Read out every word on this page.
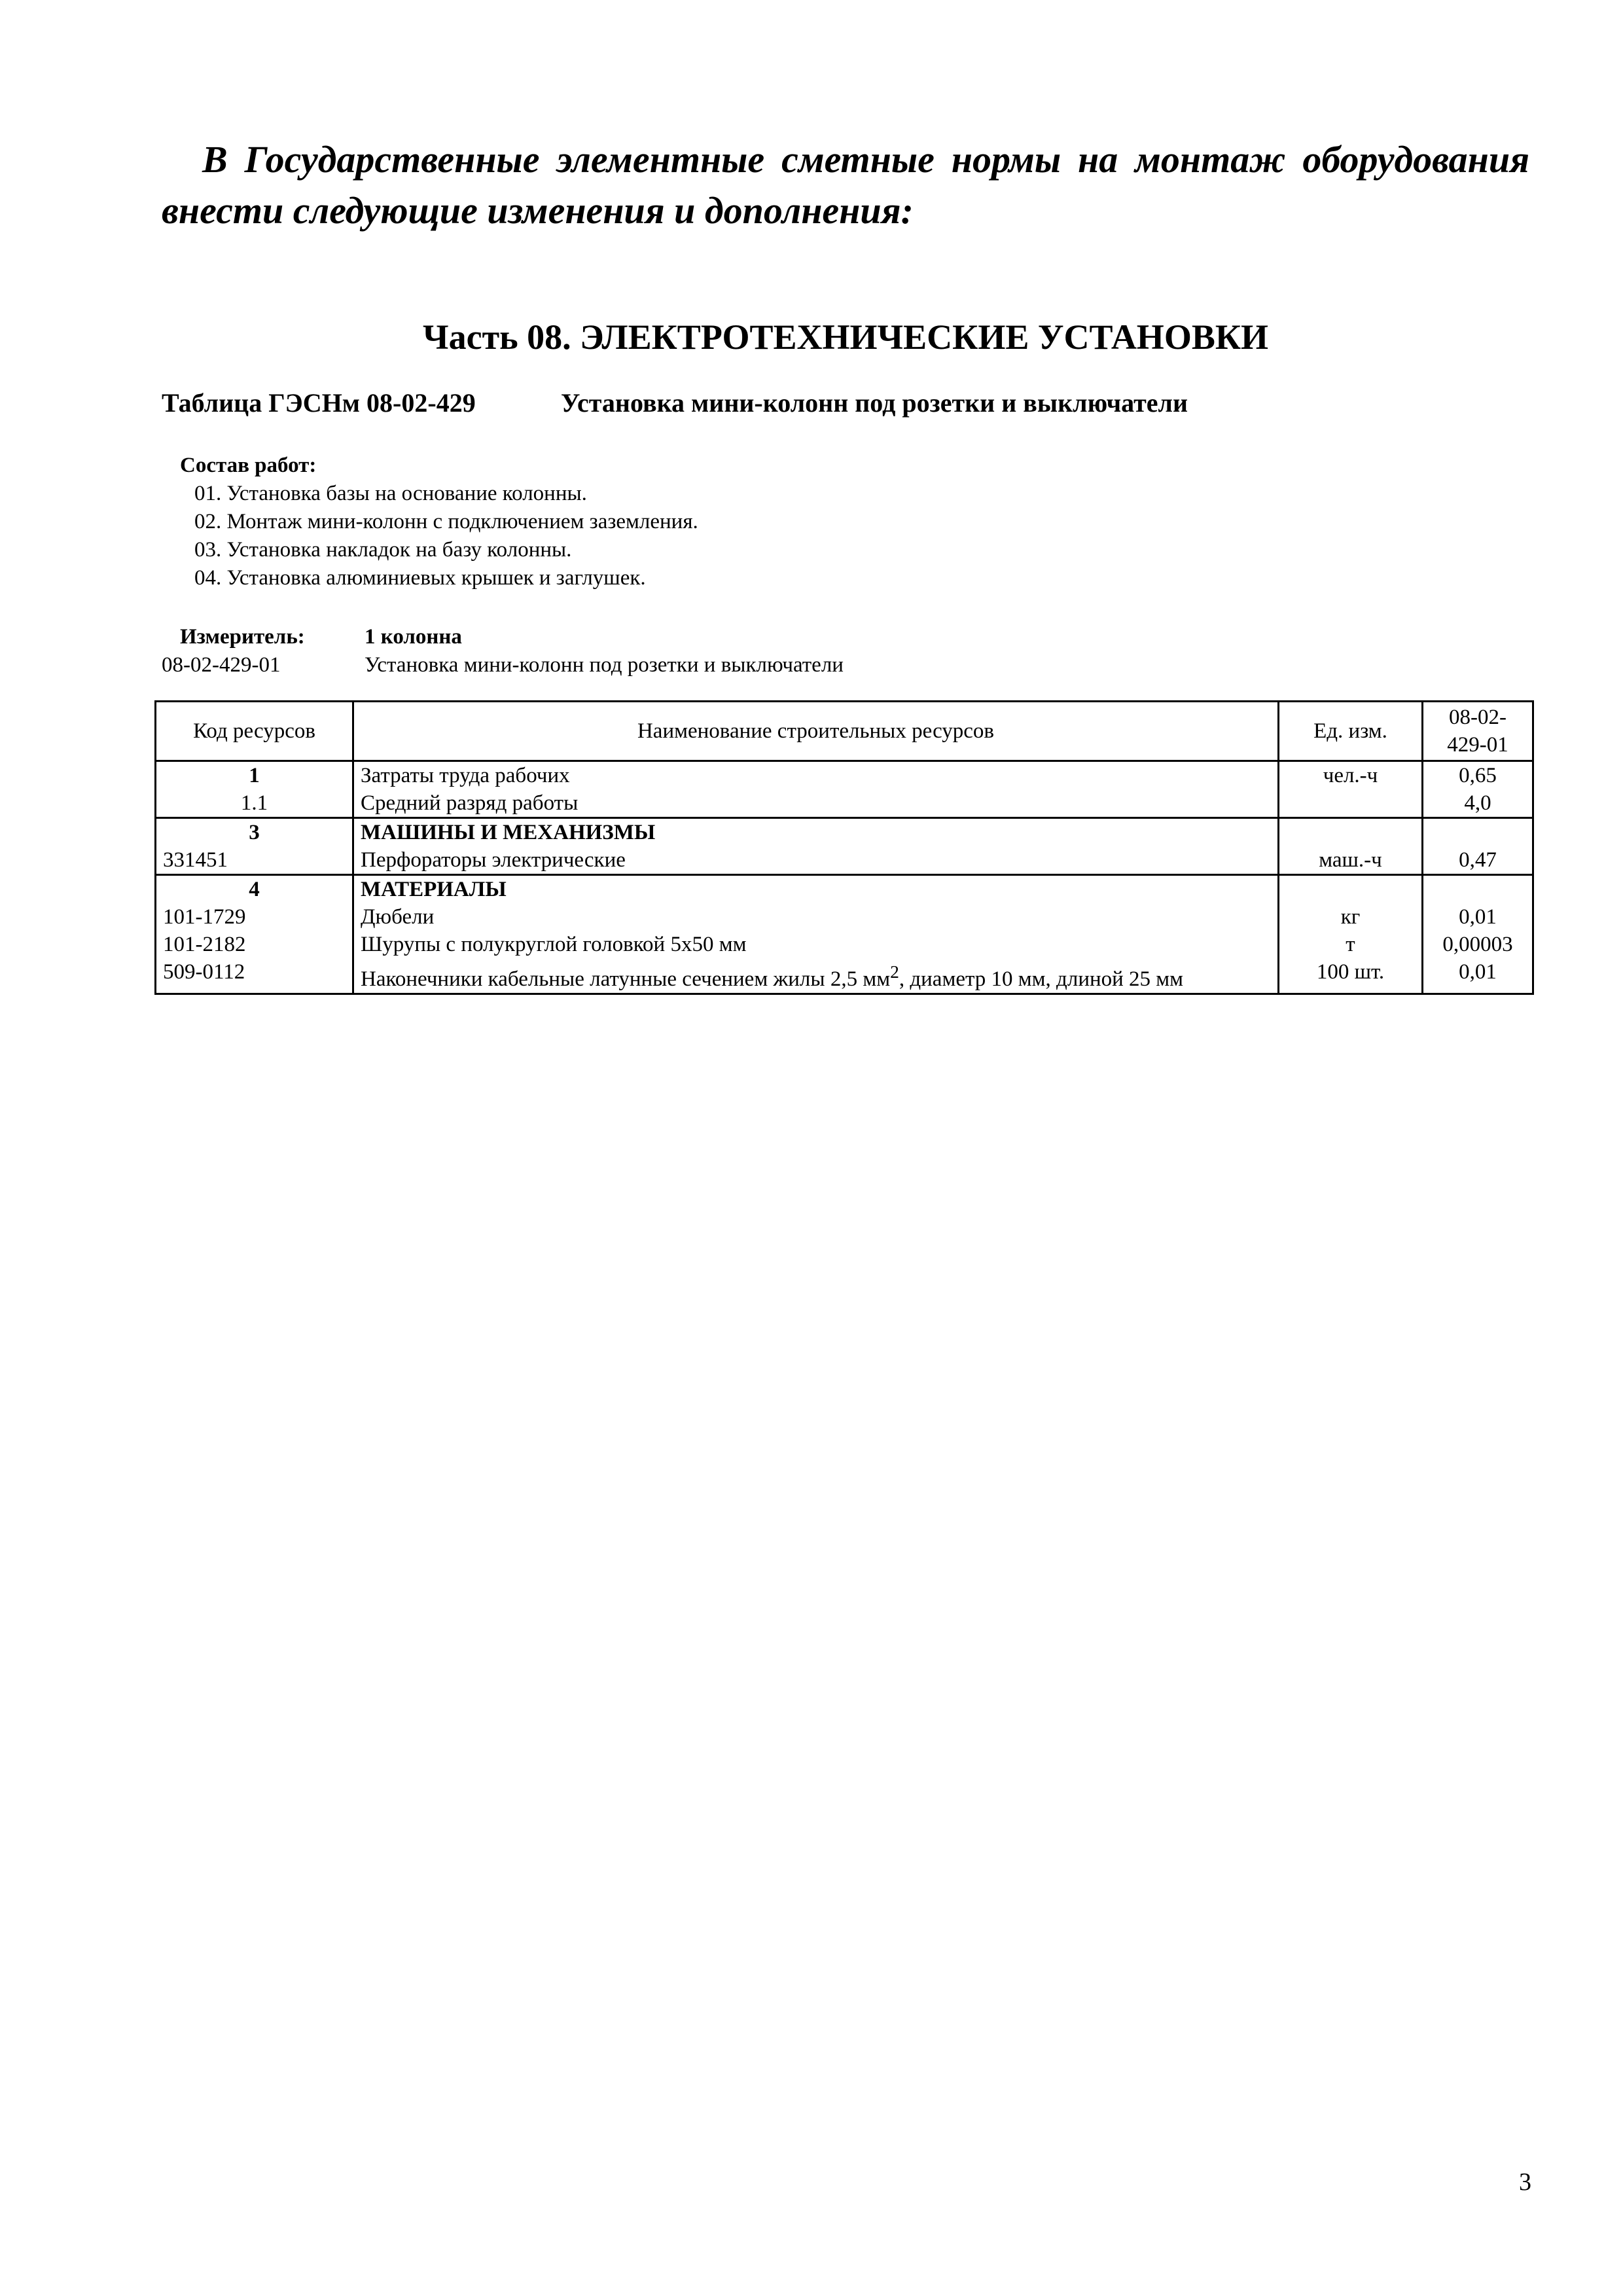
В Государственные элементные сметные нормы на монтаж оборудования внести следующие изменения и дополнения:
Часть 08. ЭЛЕКТРОТЕХНИЧЕСКИЕ УСТАНОВКИ
Таблица ГЭСНм 08-02-429	Установка мини-колонн под розетки и выключатели
Состав работ:
01. Установка базы на основание колонны.
02. Монтаж мини-колонн с подключением заземления.
03. Установка накладок на базу колонны.
04. Установка алюминиевых крышек и заглушек.
Измеритель:	1 колонна
08-02-429-01	Установка мини-колонн под розетки и выключатели
Код ресурсов	Наименование строительных ресурсов	Ед. изм.	08-02-429-01
1	Затраты труда рабочих	чел.-ч	0,65
1.1	Средний разряд работы		4,0
3	МАШИНЫ И МЕХАНИЗМЫ		
331451	Перфораторы электрические	маш.-ч	0,47
4	МАТЕРИАЛЫ		
101-1729	Дюбели	кг	0,01
101-2182	Шурупы с полукруглой головкой 5х50 мм	т	0,00003
509-0112	Наконечники кабельные латунные сечением жилы 2,5 $мм^2$, диаметр 10 мм, длиной 25 мм	100 шт.	0,01
3
